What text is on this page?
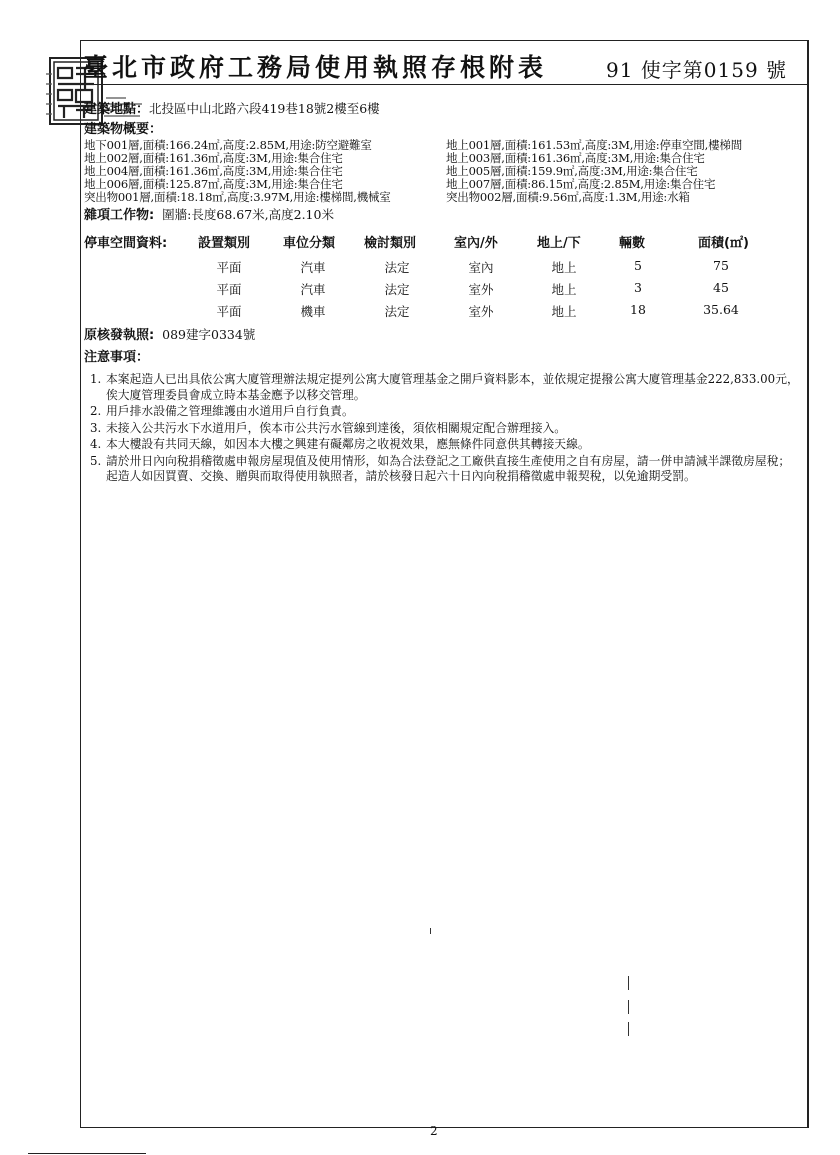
臺北市政府工務局使用執照存根附表	91 使字第0159 號
建築地點：北投區中山北路六段419巷18號2樓至6樓
建築物概要：
地下001層,面積:166.24㎡,高度:2.85M,用途:防空避難室
地上002層,面積:161.36㎡,高度:3M,用途:集合住宅
地上004層,面積:161.36㎡,高度:3M,用途:集合住宅
地上006層,面積:125.87㎡,高度:3M,用途:集合住宅
突出物001層,面積:18.18㎡,高度:3.97M,用途:樓梯間,機械室
地上001層,面積:161.53㎡,高度:3M,用途:停車空間,樓梯間
地上003層,面積:161.36㎡,高度:3M,用途:集合住宅
地上005層,面積:159.9㎡,高度:3M,用途:集合住宅
地上007層,面積:86.15㎡,高度:2.85M,用途:集合住宅
突出物002層,面積:9.56㎡,高度:1.3M,用途:水箱
雜項工作物: 圍牆:長度68.67米,高度2.10米
停車空間資料: 設置類別	車位分類 檢討類別	室內/外	地上/下	輛數	面積(㎡)
平面	汽車	法定	室內	地上	5	75
平面	汽車	法定	室外	地上	3	45
平面	機車	法定	室外	地上	18	35.64
原核發執照: 089建字0334號
注意事項：
1. 本案起造人已出具依公寓大廈管理辦法規定提列公寓大廈管理基金之開戶資料影本，並依規定提撥公寓大廈管理基金222,833.00元，俟大廈管理委員會成立時本基金應予以移交管理。
2. 用戶排水設備之管理維護由水道用戶自行負責。
3. 未接入公共污水下水道用戶，俟本市公共污水管線到達後，須依相關規定配合辦理接入。
4. 本大樓設有共同天線，如因本大樓之興建有礙鄰房之收視效果，應無條件同意供其轉接天線。
5. 請於卅日內向稅捐稽徵處申報房屋現值及使用情形，如為合法登記之工廠供直接生產使用之自有房屋，請一併申請減半課徵房屋稅；起造人如因買賣、交換、贈與而取得使用執照者，請於核發日起六十日內向稅捐稽徵處申報契稅，以免逾期受罰。
2
